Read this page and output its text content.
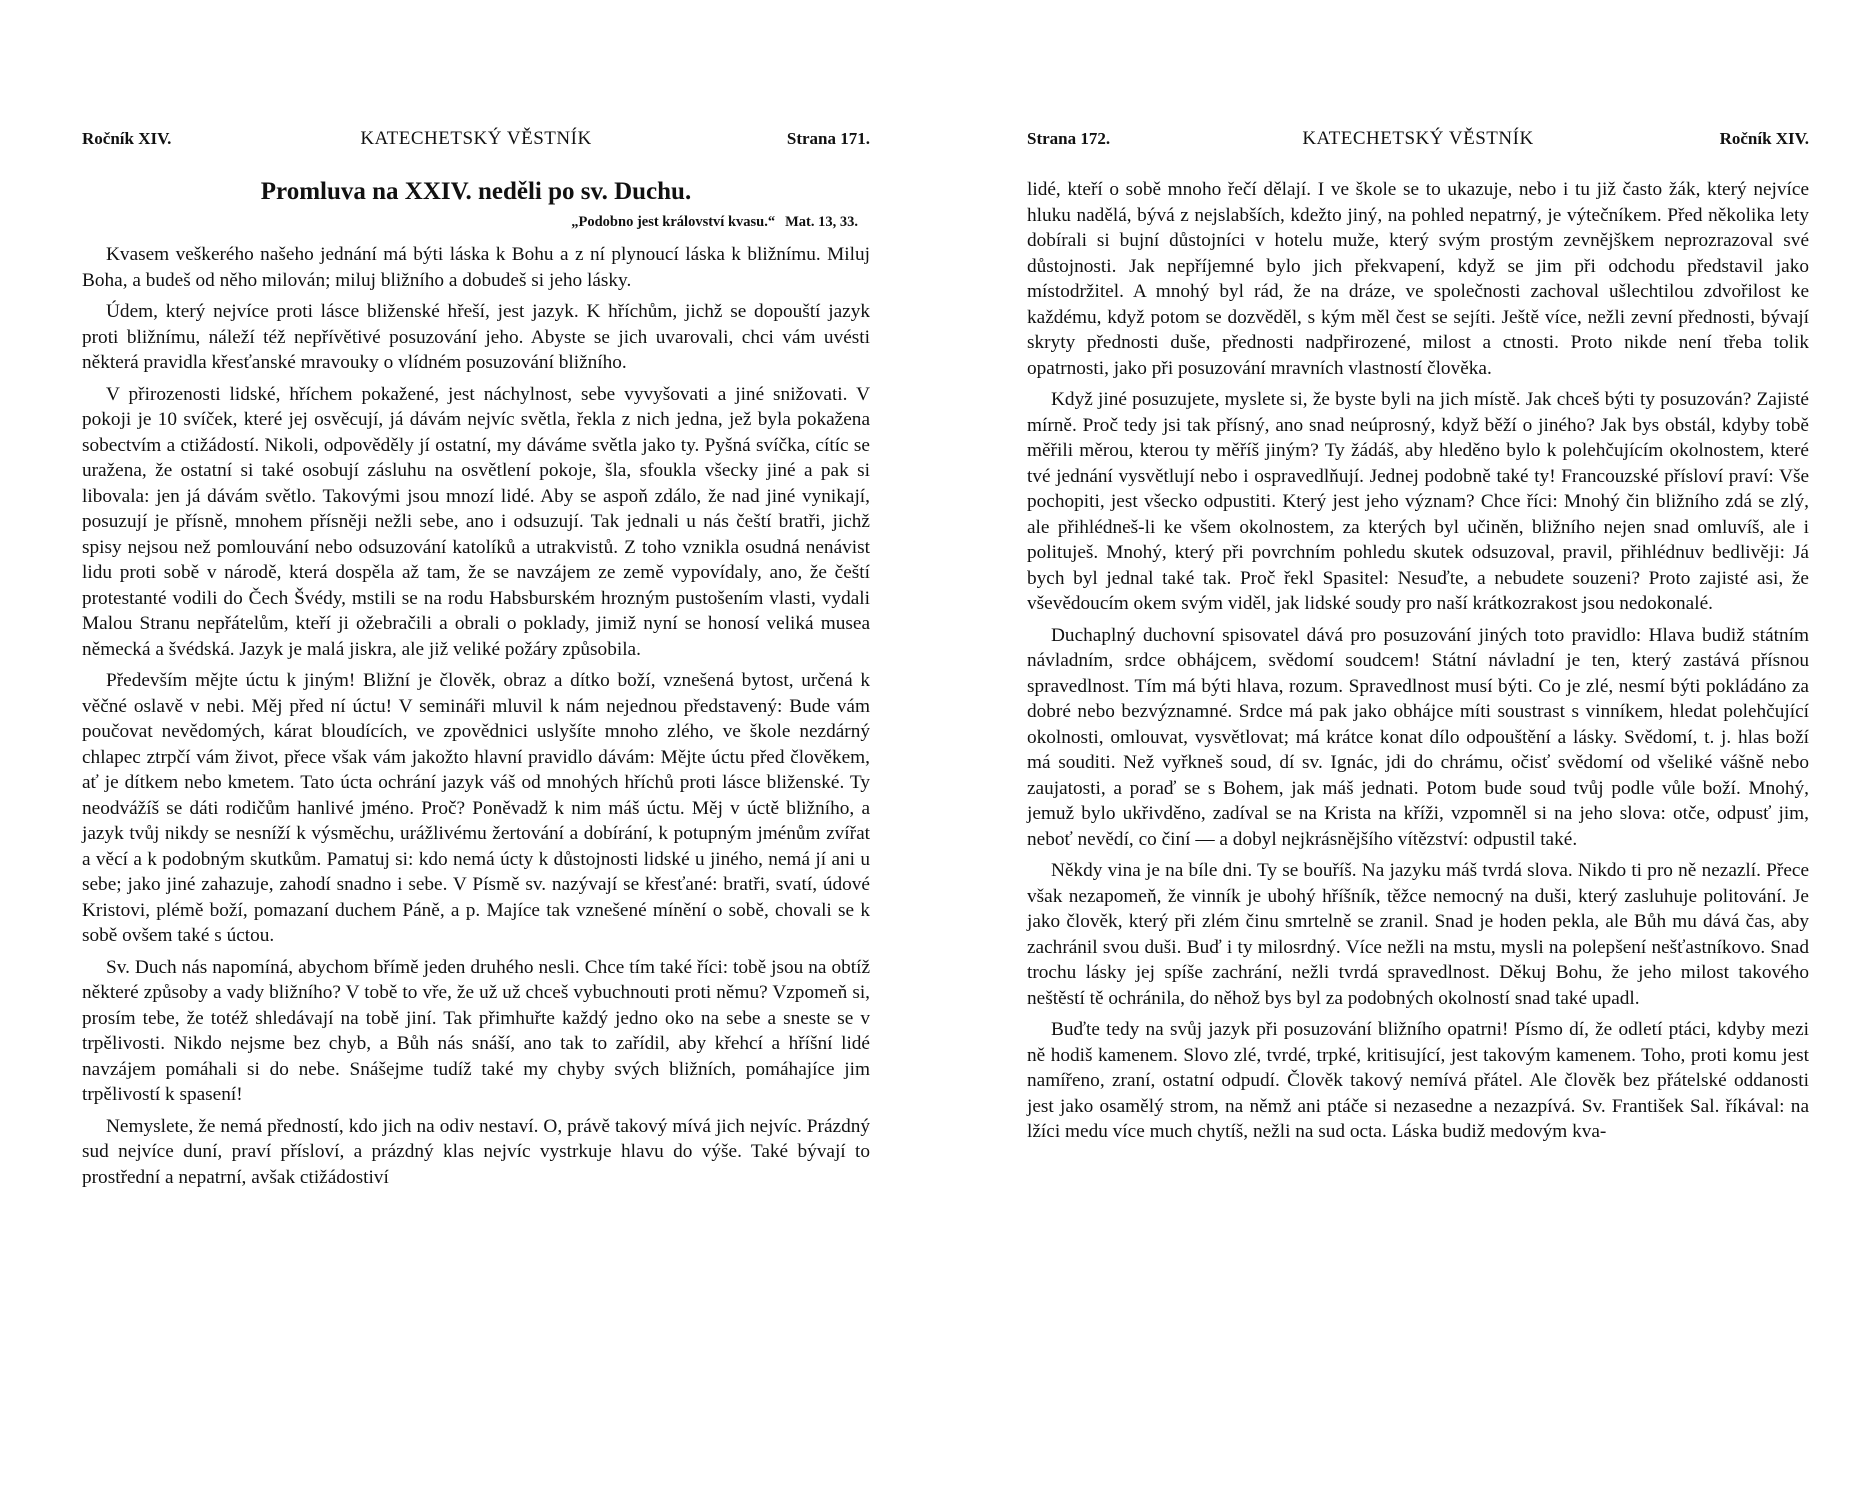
Ročník XIV.	KATECHETSKÝ VĚSTNÍK	Strana 171.
Promluva na XXIV. neděli po sv. Duchu.
„Podobno jest království kvasu.“ Mat. 13, 33.

Kvasem veškerého našeho jednání má býti láska k Bohu a z ní plynoucí láska k bližnímu. Miluj Boha, a budeš od něho milován; miluj bližního a dobudeš si jeho lásky.

Údem, který nejvíce proti lásce bliženské hřeší, jest jazyk. K hříchům, jichž se dopouští jazyk proti bližnímu, náleží též nepřívětivé posuzování jeho. Abyste se jich uvarovali, chci vám uvésti některá pravidla křesťanské mravouky o vlídném posuzování bližního.

V přirozenosti lidské, hříchem pokažené, jest náchylnost, sebe vyvyšovati a jiné snižovati. V pokoji je 10 svíček, které jej osvěcují, já dávám nejvíc světla, řekla z nich jedna, jež byla pokažena sobectvím a ctižádostí. Nikoli, odpověděly jí ostatní, my dáváme světla jako ty. Pyšná svíčka, cítíc se uražena, že ostatní si také osobují zásluhu na osvětlení pokoje, šla, sfoukla všecky jiné a pak si libovala: jen já dávám světlo. Takovými jsou mnozí lidé. Aby se aspoň zdálo, že nad jiné vynikají, posuzují je přísně, mnohem přísněji nežli sebe, ano i odsuzují. Tak jednali u nás čeští bratři, jichž spisy nejsou než pomlouvání nebo odsuzování katolíků a utrakvistů. Z toho vznikla osudná nenávist lidu proti sobě v národě, která dospěla až tam, že se navzájem ze země vypovídaly, ano, že čeští protestanté vodili do Čech Švédy, mstili se na rodu Habsburském hrozným pustošením vlasti, vydali Malou Stranu nepřátelům, kteří ji ožebračili a obrali o poklady, jimiž nyní se honosí veliká musea německá a švédská. Jazyk je malá jiskra, ale již veliké požáry způsobila.

Především mějte úctu k jiným! Bližní je člověk, obraz a dítko boží, vznešená bytost, určená k věčné oslavě v nebi. Měj před ní úctu! V semináři mluvil k nám nejednou představený: Bude vám poučovat nevědomých, kárat bloudících, ve zpovědnici uslyšíte mnoho zlého, ve škole nezdárný chlapec ztrpčí vám život, přece však vám jakožto hlavní pravidlo dávám: Mějte úctu před člověkem, ať je dítkem nebo kmetem. Tato úcta ochrání jazyk váš od mnohých hříchů proti lásce bliženské. Ty neodvážíš se dáti rodičům hanlivé jméno. Proč? Poněvadž k nim máš úctu. Měj v úctě bližního, a jazyk tvůj nikdy se nesníží k výsměchu, urážlivému žertování a dobírání, k potupným jménům zvířat a věcí a k podobným skutkům. Pamatuj si: kdo nemá úcty k důstojnosti lidské u jiného, nemá jí ani u sebe; jako jiné zahazuje, zahodí snadno i sebe. V Písmě sv. nazývají se křesťané: bratři, svatí, údové Kristovi, plémě boží, pomazaní duchem Páně, a p. Majíce tak vznešené mínění o sobě, chovali se k sobě ovšem také s úctou.

Sv. Duch nás napomíná, abychom břímě jeden druhého nesli. Chce tím také říci: tobě jsou na obtíž některé způsoby a vady bližního? V tobě to vře, že už už chceš vybuchnouti proti němu? Vzpomeň si, prosím tebe, že totéž shledávají na tobě jiní. Tak přimhuřte každý jedno oko na sebe a sneste se v trpělivosti. Nikdo nejsme bez chyb, a Bůh nás snáší, ano tak to zařídil, aby křehcí a hříšní lidé navzájem pomáhali si do nebe. Snášejme tudíž také my chyby svých bližních, pomáhajíce jim trpělivostí k spasení!

Nemyslete, že nemá předností, kdo jich na odiv nestaví. O, právě takový mívá jich nejvíc. Prázdný sud nejvíce duní, praví přísloví, a prázdný klas nejvíc vystrkuje hlavu do výše. Také bývají to prostřední a nepatrní, avšak ctižádostiví

Strana 172.	KATECHETSKÝ VĚSTNÍK	Ročník XIV.

lidé, kteří o sobě mnoho řečí dělají. I ve škole se to ukazuje, nebo i tu již často žák, který nejvíce hluku nadělá, bývá z nejslabších, kdežto jiný, na pohled nepatrný, je výtečníkem. Před několika lety dobírali si bujní důstojníci v hotelu muže, který svým prostým zevnějškem neprozrazoval své důstojnosti. Jak nepříjemné bylo jich překvapení, když se jim při odchodu představil jako místodržitel. A mnohý byl rád, že na dráze, ve společnosti zachoval ušlechtilou zdvořilost ke každému, když potom se dozvěděl, s kým měl čest se sejíti. Ještě více, nežli zevní přednosti, bývají skryty přednosti duše, přednosti nadpřirozené, milost a ctnosti. Proto nikde není třeba tolik opatrnosti, jako při posuzování mravních vlastností člověka.

Když jiné posuzujete, myslete si, že byste byli na jich místě. Jak chceš býti ty posuzován? Zajisté mírně. Proč tedy jsi tak přísný, ano snad neúprosný, když běží o jiného? Jak bys obstál, kdyby tobě měřili měrou, kterou ty měříš jiným? Ty žádáš, aby hleděno bylo k polehčujícím okolnostem, které tvé jednání vysvětlují nebo i ospravedlňují. Jednej podobně také ty! Francouzské přísloví praví: Vše pochopiti, jest všecko odpustiti. Který jest jeho význam? Chce říci: Mnohý čin bližního zdá se zlý, ale přihlédneš-li ke všem okolnostem, za kterých byl učiněn, bližního nejen snad omluvíš, ale i polituješ. Mnohý, který při povrchním pohledu skutek odsuzoval, pravil, přihlédnuv bedlivěji: Já bych byl jednal také tak. Proč řekl Spasitel: Nesuďte, a nebudete souzeni? Proto zajisté asi, že vševědoucím okem svým viděl, jak lidské soudy pro naší krátkozrakost jsou nedokonalé.

Duchaplný duchovní spisovatel dává pro posuzování jiných toto pravidlo: Hlava budiž státním návladním, srdce obhájcem, svědomí soudcem! Státní návladní je ten, který zastává přísnou spravedlnost. Tím má býti hlava, rozum. Spravedlnost musí býti. Co je zlé, nesmí býti pokládáno za dobré nebo bezvýznamné. Srdce má pak jako obhájce míti soustrast s vinníkem, hledat polehčující okolnosti, omlouvat, vysvětlovat; má krátce konat dílo odpouštění a lásky. Svědomí, t. j. hlas boží má souditi. Než vyřkneš soud, dí sv. Ignác, jdi do chrámu, očisť svědomí od všeliké vášně nebo zaujatosti, a poraď se s Bohem, jak máš jednati. Potom bude soud tvůj podle vůle boží. Mnohý, jemuž bylo ukřivděno, zadíval se na Krista na kříži, vzpomněl si na jeho slova: otče, odpusť jim, neboť nevědí, co činí — a dobyl nejkrásnějšího vítězství: odpustil také.

Někdy vina je na bíle dni. Ty se bouříš. Na jazyku máš tvrdá slova. Nikdo ti pro ně nezazlí. Přece však nezapomeň, že vinník je ubohý hříšník, těžce nemocný na duši, který zasluhuje politování. Je jako člověk, který při zlém činu smrtelně se zranil. Snad je hoden pekla, ale Bůh mu dává čas, aby zachránil svou duši. Buď i ty milosrdný. Více nežli na mstu, mysli na polepšení nešťastníkovo. Snad trochu lásky jej spíše zachrání, nežli tvrdá spravedlnost. Děkuj Bohu, že jeho milost takového neštěstí tě ochránila, do něhož bys byl za podobných okolností snad také upadl.

Buďte tedy na svůj jazyk při posuzování bližního opatrni! Písmo dí, že odletí ptáci, kdyby mezi ně hodiš kamenem. Slovo zlé, tvrdé, trpké, kritisující, jest takovým kamenem. Toho, proti komu jest namířeno, zraní, ostatní odpudí. Člověk takový nemívá přátel. Ale člověk bez přátelské oddanosti jest jako osamělý strom, na němž ani ptáče si nezasedne a nezazpívá. Sv. František Sal. říkával: na lžíci medu více much chytíš, nežli na sud octa. Láska budiž medovým kva-
